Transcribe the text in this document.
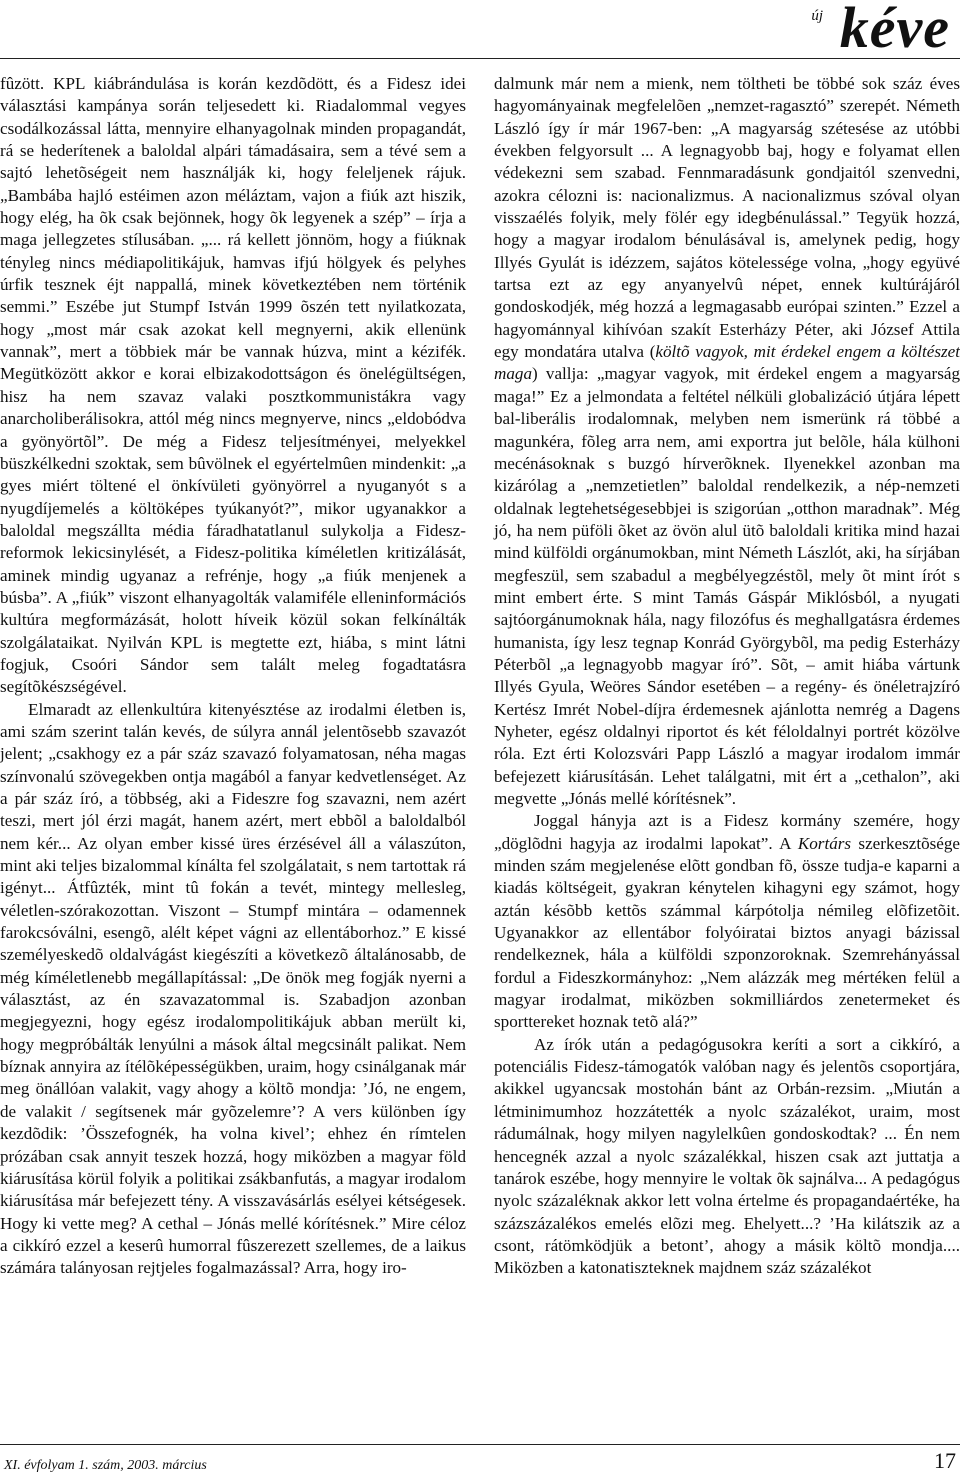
új kéve

fûzött. KPL kiábrándulása is korán kezdõdött, és a Fidesz idei választási kampánya során teljesedett ki. Riadalommal vegyes csodálkozással látta, mennyire elhanyagolnak minden propagandát, rá se hederítenek a baloldal alpári támadásaira, sem a tévé sem a sajtó lehetõségeit nem használják ki, hogy feleljenek rájuk. „Bambába hajló estéimen azon méláztam, vajon a fiúk azt hiszik, hogy elég, ha õk csak bejönnek, hogy õk legyenek a szép” – írja a maga jellegzetes stílusában. „... rá kellett jönnöm, hogy a fiúknak tényleg nincs médiapolitikájuk, hamvas ifjú hölgyek és pelyhes úrfik tesznek éjt nappallá, minek következtében nem történik semmi.” Eszébe jut Stumpf István 1999 õszén tett nyilatkozata, hogy „most már csak azokat kell megnyerni, akik ellenünk vannak”, mert a többiek már be vannak húzva, mint a kézifék. Megütközött akkor e korai elbizakodottságon és önelégültségen, hisz ha nem szavaz valaki posztkommunistákra vagy anarcholiberálisokra, attól még nincs megnyerve, nincs „eldobódva a gyönyörtõl”. De még a Fidesz teljesítményei, melyekkel büszkélkedni szoktak, sem bûvölnek el egyértelmûen mindenkit: „a gyes miért töltené el önkívületi gyönyörrel a nyuganyót s a nyugdíjemelés a költöképes tyúkanyót?”, mikor ugyanakkor a baloldal megszállta média fáradhatatlanul sulykolja a Fidesz-reformok lekicsinylését, a Fidesz-politika kíméletlen kritizálását, aminek mindig ugyanaz a refrénje, hogy „a fiúk menjenek a búsba”. A „fiúk” viszont elhanyagolták valamiféle elleninformációs kultúra megformázását, holott híveik közül sokan felkínálták szolgálataikat. Nyilván KPL is megtette ezt, hiába, s mint látni fogjuk, Csoóri Sándor sem talált meleg fogadtatásra segítõkészségével.

Elmaradt az ellenkultúra kitenyésztése az irodalmi életben is, ami szám szerint talán kevés, de súlyra annál jelentõsebb szavazót jelent; „csakhogy ez a pár száz szavazó folyamatosan, néha magas színvonalú szövegekben ontja magából a fanyar kedvetlenséget. Az a pár száz író, a többség, aki a Fideszre fog szavazni, nem azért teszi, mert jól érzi magát, hanem azért, mert ebbõl a baloldalból nem kér... Az olyan ember kissé üres érzésével áll a válaszúton, mint aki teljes bizalommal kínálta fel szolgálatait, s nem tartottak rá igényt... Átfûzték, mint tû fokán a tevét, mintegy mellesleg, véletlen-szórakozottan. Viszont – Stumpf mintára – odamennek farokcsóválni, esengõ, alélt képet vágni az ellentáborhoz.” E kissé személyeskedõ oldalvágást kiegészíti a következõ általánosabb, de még kíméletlenebb megállapítással: „De önök meg fogják nyerni a választást, az én szavazatommal is. Szabadjon azonban megjegyezni, hogy egész irodalompolitikájuk abban merült ki, hogy megpróbálták lenyúlni a mások által megcsinált palikat. Nem bíznak annyira az ítélõképességükben, uraim, hogy csinálganak már meg önállóan valakit, vagy ahogy a költõ mondja: ’Jó, ne engem, de valakit / segítsenek már gyõzelemre’? A vers különben így kezdõdik: ’Összefognék, ha volna kivel’; ehhez én rímtelen prózában csak annyit teszek hozzá, hogy miközben a magyar föld kiárusítása körül folyik a politikai zsákbanfutás, a magyar irodalom kiárusítása már befejezett tény. A visszavásárlás esélyei kétségesek. Hogy ki vette meg? A cethal – Jónás mellé kórítésnek.” Mire céloz a cikkíró ezzel a keserû humorral fûszerezett szellemes, de a laikus számára talányosan rejtjeles fogalmazással? Arra, hogy iro-

dalmunk már nem a mienk, nem töltheti be többé sok száz éves hagyományainak megfelelõen „nemzet-ragasztó” szerepét. Németh László így ír már 1967-ben: „A magyarság szétesése az utóbbi években felgyorsult ... A legnagyobb baj, hogy e folyamat ellen védekezni sem szabad. Fennmaradásunk gondjaitól szenvedni, azokra célozni is: nacionalizmus. A nacionalizmus szóval olyan visszaélés folyik, mely fölér egy idegbénulással.” Tegyük hozzá, hogy a magyar irodalom bénulásával is, amelynek pedig, hogy Illyés Gyulát is idézzem, sajátos kötelessége volna, „hogy együvé tartsa ezt az egy anyanyelvû népet, ennek kultúrájáról gondoskodjék, még hozzá a legmagasabb európai szinten.” Ezzel a hagyománnyal kihívóan szakít Esterházy Péter, aki József Attila egy mondatára utalva (költõ vagyok, mit érdekel engem a költészet maga) vallja: „magyar vagyok, mit érdekel engem a magyarság maga!” Ez a jelmondata a feltétel nélküli globalizáció útjára lépett bal-liberális irodalomnak, melyben nem ismerünk rá többé a magunkéra, fõleg arra nem, ami exportra jut belõle, hála külhoni mecénásoknak s buzgó hírverõknek. Ilyenekkel azonban ma kizárólag a „nemzetietlen” baloldal rendelkezik, a nép-nemzeti oldalnak legtehetségesebbjei is szigorúan „otthon maradnak”. Még jó, ha nem püföli õket az övön alul ütõ baloldali kritika mind hazai mind külföldi orgánumokban, mint Németh Lászlót, aki, ha sírjában megfeszül, sem szabadul a megbélyegzéstõl, mely õt mint írót s mint embert érte. S mint Tamás Gáspár Miklósból, a nyugati sajtóorgánumoknak hála, nagy filozófus és meghallgatásra érdemes humanista, így lesz tegnap Konrád Györgybõl, ma pedig Esterházy Péterbõl „a legnagyobb magyar író”. Sõt, – amit hiába vártunk Illyés Gyula, Weöres Sándor esetében – a regény- és önéletrajzíró Kertész Imrét Nobel-díjra érdemesnek ajánlotta nemrég a Dagens Nyheter, egész oldalnyi riportot és két féloldalnyi portrét közölve róla. Ezt érti Kolozsvári Papp László a magyar irodalom immár befejezett kiárusításán. Lehet találgatni, mit ért a „cethalon”, aki megvette „Jónás mellé kórítésnek”.

Joggal hányja azt is a Fidesz kormány szemére, hogy „döglõdni hagyja az irodalmi lapokat”. A Kortárs szerkesztõsége minden szám megjelenése elõtt gondban fõ, össze tudja-e kaparni a kiadás költségeit, gyakran kénytelen kihagyni egy számot, hogy aztán késõbb kettõs számmal kárpótolja némileg elõfizetõit. Ugyanakkor az ellentábor folyóiratai biztos anyagi bázissal rendelkeznek, hála a külföldi szponzoroknak. Szemrehányással fordul a Fideszkormányhoz: „Nem alázzák meg mértéken felül a magyar irodalmat, miközben sokmilliárdos zenetermeket és sporttereket hoznak tetõ alá?”

Az írók után a pedagógusokra keríti a sort a cikkíró, a potenciális Fidesz-támogatók valóban nagy és jelentõs csoportjára, akikkel ugyancsak mostohán bánt az Orbán-rezsim. „Miután a létminimumhoz hozzátették a nyolc százalékot, uraim, most rádumálnak, hogy milyen nagylelkûen gondoskodtak? ... Én nem hencegnék azzal a nyolc százalékkal, hiszen csak azt juttatja a tanárok eszébe, hogy mennyire le voltak õk sajnálva... A pedagógus nyolc százaléknak akkor lett volna értelme és propagandaértéke, ha százszázalékos emelés elõzi meg. Ehelyett...? ’Ha kilátszik az a csont, rátömködjük a betont’, ahogy a másik költõ mondja.... Miközben a katonatiszteknek majdnem száz százalékot

XI. évfolyam 1. szám, 2003. március	17
